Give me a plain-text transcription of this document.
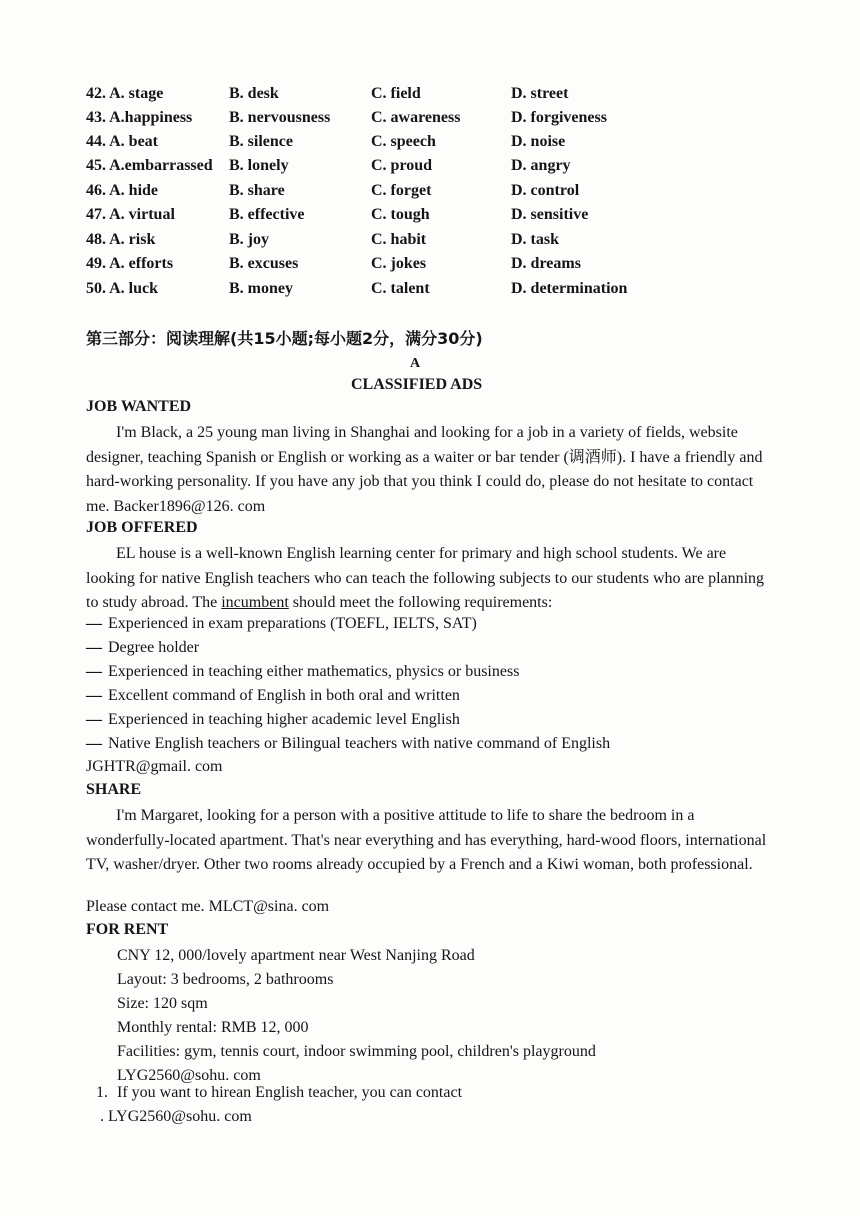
42. A. stage	B. desk	C. field	D. street
43. A.happiness B. nervousness	C. awareness	D. forgiveness
44. A. beat	B. silence	C. speech	D. noise
45. A.embarrassed B. lonely	C. proud	D. angry
46. A. hide	B. share	C. forget	D. control
47. A. virtual	B. effective	C. tough	D. sensitive
48. A. risk	B. joy	C. habit	D. task
49. A. efforts	B. excuses	C. jokes	D. dreams
50. A. luck	B. money	C. talent	D. determination
第三部分：阅读理解(共15小题;每小题2分，满分30分)
A
CLASSIFIED ADS
JOB WANTED
I'm Black, a 25 young man living in Shanghai and looking for a job in a variety of fields, website designer, teaching Spanish or English or working as a waiter or bar tender (调酒师). I have a friendly and hard-working personality. If you have any job that you think I could do, please do not hesitate to contact me. Backer1896@126. com
JOB OFFERED
EL house is a well-known English learning center for primary and high school students. We are looking for native English teachers who can teach the following subjects to our students who are planning to study abroad. The incumbent should meet the following requirements:
— Experienced in exam preparations (TOEFL, IELTS, SAT)
— Degree holder
— Experienced in teaching either mathematics, physics or business
— Excellent command of English in both oral and written
— Experienced in teaching higher academic level English
— Native English teachers or Bilingual teachers with native command of English
JGHTR@gmail. com
SHARE
I'm Margaret, looking for a person with a positive attitude to life to share the bedroom in a wonderfully-located apartment. That's near everything and has everything, hard-wood floors, international TV, washer/dryer. Other two rooms already occupied by a French and a Kiwi woman, both professional.
Please contact me. MLCT@sina. com
FOR RENT
CNY 12, 000/lovely apartment near West Nanjing Road
Layout: 3 bedrooms, 2 bathrooms
Size: 120 sqm
Monthly rental: RMB 12, 000
Facilities: gym, tennis court, indoor swimming pool, children's playground
LYG2560@sohu. com
1. If you want to hirean English teacher, you can contact
. LYG2560@sohu. com
